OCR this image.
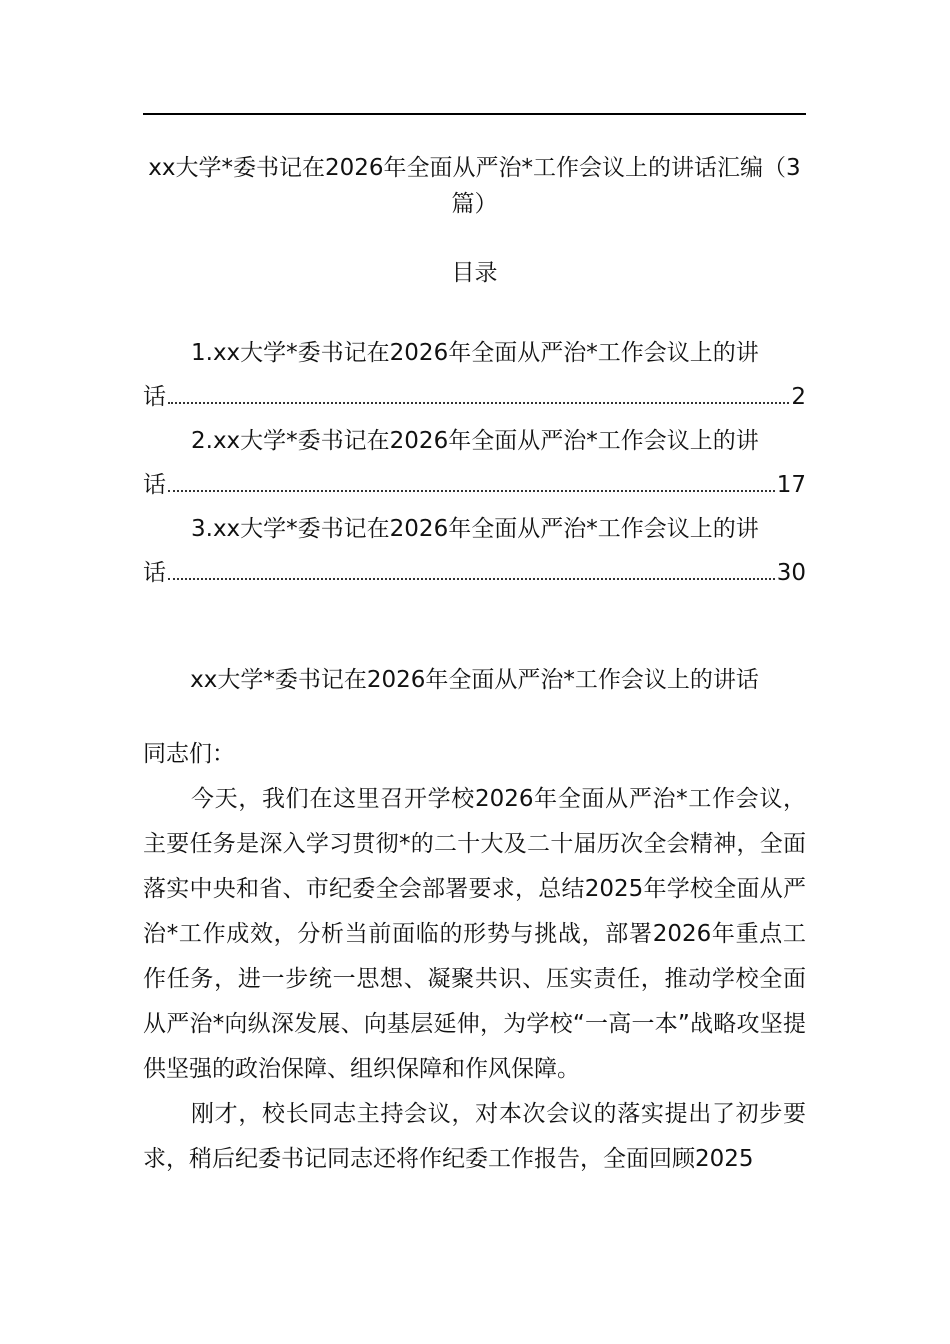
xx大学*委书记在2026年全面从严治*工作会议上的讲话汇编（3篇）
目录
1.xx大学*委书记在2026年全面从严治*工作会议上的讲
话	2
2.xx大学*委书记在2026年全面从严治*工作会议上的讲
话	17
3.xx大学*委书记在2026年全面从严治*工作会议上的讲
话	30
xx大学*委书记在2026年全面从严治*工作会议上的讲话

同志们：

今天，我们在这里召开学校2026年全面从严治*工作会议，主要任务是深入学习贯彻*的二十大及二十届历次全会精神，全面落实中央和省、市纪委全会部署要求，总结2025年学校全面从严治*工作成效，分析当前面临的形势与挑战，部署2026年重点工作任务，进一步统一思想、凝聚共识、压实责任，推动学校全面从严治*向纵深发展、向基层延伸，为学校“一高一本”战略攻坚提供坚强的政治保障、组织保障和作风保障。

刚才，校长同志主持会议，对本次会议的落实提出了初步要求，稍后纪委书记同志还将作纪委工作报告，全面回顾2025
